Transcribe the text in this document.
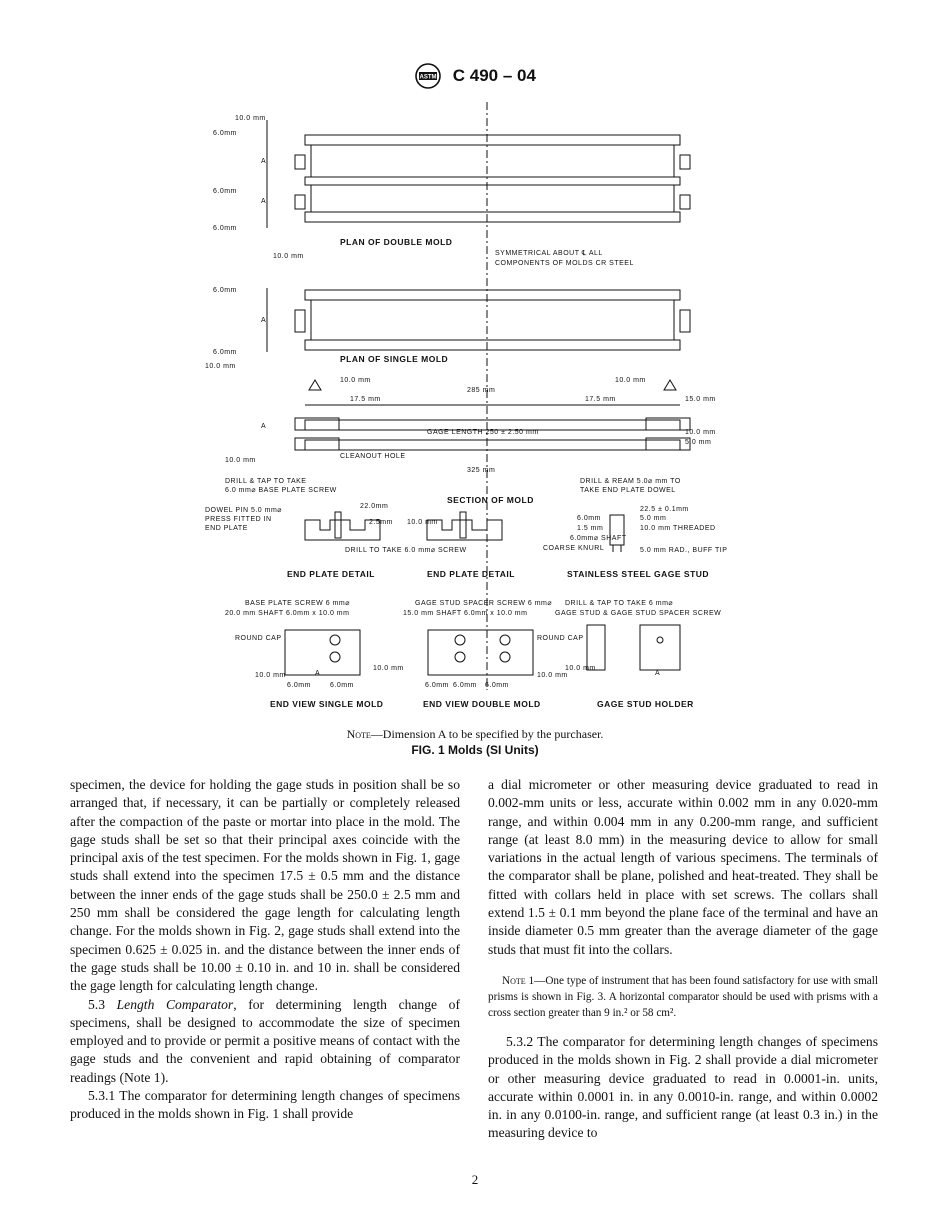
ASTM C 490 – 04
10.0 mm
6.0mm
A
6.0mm
A
6.0mm
PLAN OF DOUBLE MOLD
SYMMETRICAL ABOUT ℄ ALL
COMPONENTS OF MOLDS CR STEEL
10.0 mm
6.0mm
A
6.0mm
10.0 mm
PLAN OF SINGLE MOLD
10.0 mm
285 mm
17.5 mm	17.5 mm
10.0 mm
15.0 mm
10.0 mm
5.0 mm
A
GAGE LENGTH 250 ± 2.50 mm
CLEANOUT HOLE
10.0 mm
325 mm
DRILL & TAP TO TAKE
6.0 mm⌀ BASE PLATE SCREW
DRILL & REAM 5.0⌀ mm TO
TAKE END PLATE DOWEL
SECTION OF MOLD
DOWEL PIN 5.0 mm⌀
PRESS FITTED IN
END PLATE
22.0mm
2.5mm 10.0 mm
DRILL TO TAKE 6.0 mm⌀ SCREW
22.5 ± 0.1mm
6.0mm	5.0 mm
1.5 mm	10.0 mm THREADED
6.0mm⌀ SHAFT
COARSE KNURL	5.0 mm RAD., BUFF TIP
END PLATE DETAIL	END PLATE DETAIL	STAINLESS STEEL GAGE STUD
BASE PLATE SCREW 6 mm⌀
20.0 mm SHAFT 6.0mm x 10.0 mm
GAGE STUD SPACER SCREW 6 mm⌀
15.0 mm SHAFT 6.0mm x 10.0 mm
DRILL & TAP TO TAKE 6 mm⌀
GAGE STUD & GAGE STUD SPACER SCREW
ROUND CAP	ROUND CAP
10.0 mm
10.0 mm
10.0 mm
10.0 mm
6.0mm	6.0mm	6.0mm 6.0mm 6.0mm
A	A
END VIEW SINGLE MOLD	END VIEW DOUBLE MOLD	GAGE STUD HOLDER
Note—Dimension A to be specified by the purchaser.
FIG. 1 Molds (SI Units)

specimen, the device for holding the gage studs in position shall be so arranged that, if necessary, it can be partially or completely released after the compaction of the paste or mortar into place in the mold. The gage studs shall be set so that their principal axes coincide with the principal axis of the test specimen. For the molds shown in Fig. 1, gage studs shall extend into the specimen 17.5 ± 0.5 mm and the distance between the inner ends of the gage studs shall be 250.0 ± 2.5 mm and 250 mm shall be considered the gage length for calculating length change. For the molds shown in Fig. 2, gage studs shall extend into the specimen 0.625 ± 0.025 in. and the distance between the inner ends of the gage studs shall be 10.00 ± 0.10 in. and 10 in. shall be considered the gage length for calculating length change.

5.3 Length Comparator, for determining length change of specimens, shall be designed to accommodate the size of specimen employed and to provide or permit a positive means of contact with the gage studs and the convenient and rapid obtaining of comparator readings (Note 1).

5.3.1 The comparator for determining length changes of specimens produced in the molds shown in Fig. 1 shall provide

a dial micrometer or other measuring device graduated to read in 0.002-mm units or less, accurate within 0.002 mm in any 0.020-mm range, and within 0.004 mm in any 0.200-mm range, and sufficient range (at least 8.0 mm) in the measuring device to allow for small variations in the actual length of various specimens. The terminals of the comparator shall be plane, polished and heat-treated. They shall be fitted with collars held in place with set screws. The collars shall extend 1.5 ± 0.1 mm beyond the plane face of the terminal and have an inside diameter 0.5 mm greater than the average diameter of the gage studs that must fit into the collars.

Note 1—One type of instrument that has been found satisfactory for use with small prisms is shown in Fig. 3. A horizontal comparator should be used with prisms with a cross section greater than 9 in.² or 58 cm².

5.3.2 The comparator for determining length changes of specimens produced in the molds shown in Fig. 2 shall provide a dial micrometer or other measuring device graduated to read in 0.0001-in. units, accurate within 0.0001 in. in any 0.0010-in. range, and within 0.0002 in. in any 0.0100-in. range, and sufficient range (at least 0.3 in.) in the measuring device to

2
